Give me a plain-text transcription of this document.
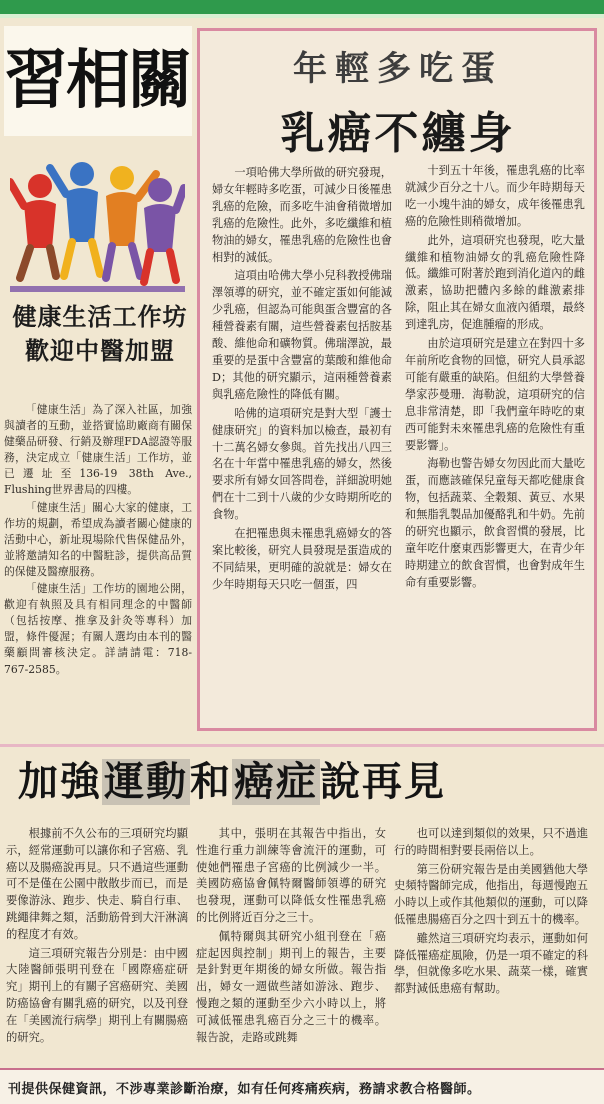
習相關
健康生活工作坊
歡迎中醫加盟

「健康生活」為了深入社區，加強與讀者的互動，並搭實協助廠商有關保健藥品研發、行銷及辦理FDA認證等服務，決定成立「健康生活」工作坊，並已遷址至136-19 38th Ave., Flushing世界書局的四樓。

「健康生活」關心大家的健康，工作坊的規劃，希望成為讀者關心健康的活動中心，新址現場除代售保健品外，並將邀請知名的中醫駐診，提供高品質的保健及醫療服務。

「健康生活」工作坊的園地公開，歡迎有執照及具有相同理念的中醫師（包括按摩、推拿及針灸等專科）加盟，條件優渥；有關人選均由本刊的醫藥顧問審核決定。詳請請電：718-767-2585。

年輕多吃蛋
乳癌不纏身

一項哈佛大學所做的研究發現，婦女年輕時多吃蛋，可減少日後罹患乳癌的危險，而多吃牛油會稍微增加乳癌的危險性。此外，多吃纖維和植物油的婦女，罹患乳癌的危險性也會相對的減低。

這項由哈佛大學小兒科教授佛瑞澤領導的研究，並不確定蛋如何能減少乳癌，但認為可能與蛋含豐富的各種營養素有關，這些營養素包括胺基酸、維他命和礦物質。佛瑞澤說，最重要的是蛋中含豐富的葉酸和維他命D；其他的研究顯示，這兩種營養素與乳癌危險性的降低有關。

哈佛的這項研究是對大型「護士健康研究」的資料加以檢查，最初有十二萬名婦女參與。首先找出八四三名在十年當中罹患乳癌的婦女，然後要求所有婦女回答問卷，詳細說明她們在十二到十八歲的少女時期所吃的食物。

在把罹患與未罹患乳癌婦女的答案比較後，研究人員發現是蛋造成的不同結果，更明確的說就是：婦女在少年時期每天只吃一個蛋，四

十到五十年後，罹患乳癌的比率就減少百分之十八。而少年時期每天吃一小塊牛油的婦女，成年後罹患乳癌的危險性則稍微增加。

此外，這項研究也發現，吃大量纖維和植物油婦女的乳癌危險性降低。纖維可附著於跑到消化道內的雌激素，協助把體內多餘的雌激素排除，阻止其在婦女血液內循環，最終到達乳房，促進腫瘤的形成。

由於這項研究是建立在對四十多年前所吃食物的回憶，研究人員承認可能有嚴重的缺陷。但紐約大學營養學家莎曼珊．海勒說，這項研究的信息非常清楚，即「我們童年時吃的東西可能對未來罹患乳癌的危險性有重要影響」。

海勒也警告婦女勿因此而大量吃蛋，而應該確保兒童每天都吃健康食物，包括蔬菜、全穀類、黃豆、水果和無脂乳製品加優酪乳和牛奶。先前的研究也顯示，飲食習慣的發展，比童年吃什麼東西影響更大，在青少年時期建立的飲食習慣，也會對成年生命有重要影響。

加強運動和癌症說再見

根據前不久公布的三項研究均顯示，經常運動可以讓你和子宮癌、乳癌以及腸癌說再見。只不過這些運動可不是僅在公園中散散步而已，而是要像游泳、跑步、快走、騎自行車、跳繩律舞之類，活動筋骨到大汗淋漓的程度才有效。

這三項研究報告分別是：由中國大陸醫師張明刊登在「國際癌症研究」期刊上的有關子宮癌研究、美國防癌協會有關乳癌的研究，以及刊登在「美國流行病學」期刊上有關腸癌的研究。

其中，張明在其報告中指出，女性進行重力訓練等會流汗的運動，可使她們罹患子宮癌的比例減少一半。美國防癌協會佩特爾醫師領導的研究也發現，運動可以降低女性罹患乳癌的比例將近百分之三十。

佩特爾與其研究小組刊登在「癌症起因與控制」期刊上的報告，主要是針對更年期後的婦女所做。報告指出，婦女一週做些諸如游泳、跑步、慢跑之類的運動至少六小時以上，將可減低罹患乳癌百分之三十的機率。報告說，走路或跳舞

也可以達到類似的效果，只不過進行的時間相對要長兩倍以上。

第三份研究報告是由美國猶他大學史頻特醫師完成，他指出，每週慢跑五小時以上或作其他類似的運動，可以降低罹患腸癌百分之四十到五十的機率。

雖然這三項研究均表示，運動如何降低罹癌症風險，仍是一項不確定的科學，但就像多吃水果、蔬菜一樣，確實都對減低患癌有幫助。

刊提供保健資訊，不涉專業診斷治療，如有任何疼痛疾病，務請求教合格醫師。
